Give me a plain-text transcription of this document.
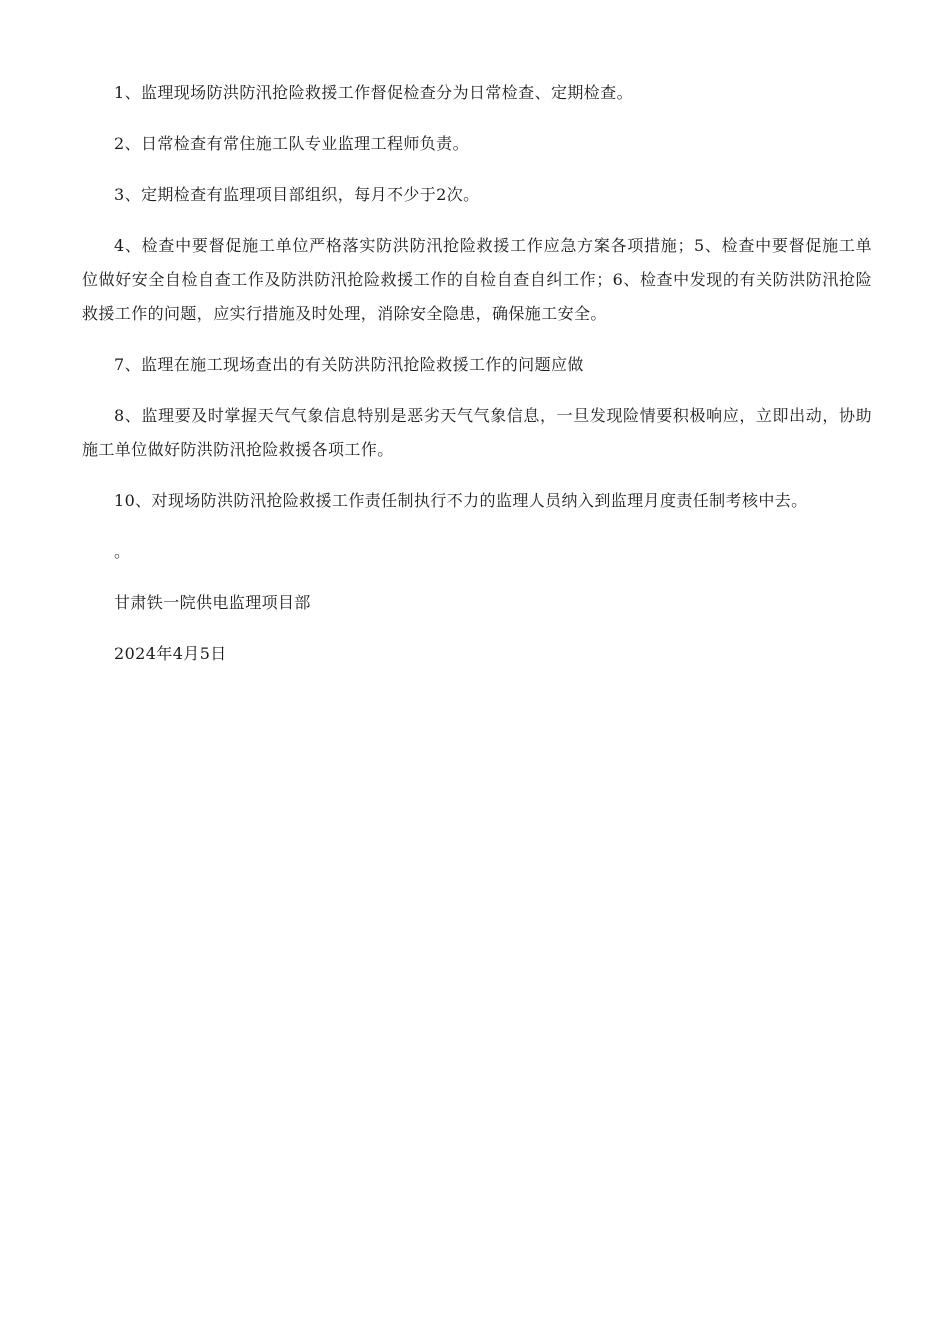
1、监理现场防洪防汛抢险救援工作督促检查分为日常检查、定期检查。

2、日常检查有常住施工队专业监理工程师负责。

3、定期检查有监理项目部组织，每月不少于2次。

4、检查中要督促施工单位严格落实防洪防汛抢险救援工作应急方案各项措施；5、检查中要督促施工单位做好安全自检自查工作及防洪防汛抢险救援工作的自检自查自纠工作；6、检查中发现的有关防洪防汛抢险救援工作的问题，应实行措施及时处理，消除安全隐患，确保施工安全。

7、监理在施工现场查出的有关防洪防汛抢险救援工作的问题应做

8、监理要及时掌握天气气象信息特别是恶劣天气气象信息，一旦发现险情要积极响应，立即出动，协助施工单位做好防洪防汛抢险救援各项工作。

10、对现场防洪防汛抢险救援工作责任制执行不力的监理人员纳入到监理月度责任制考核中去。

。

甘肃铁一院供电监理项目部

2024年4月5日
